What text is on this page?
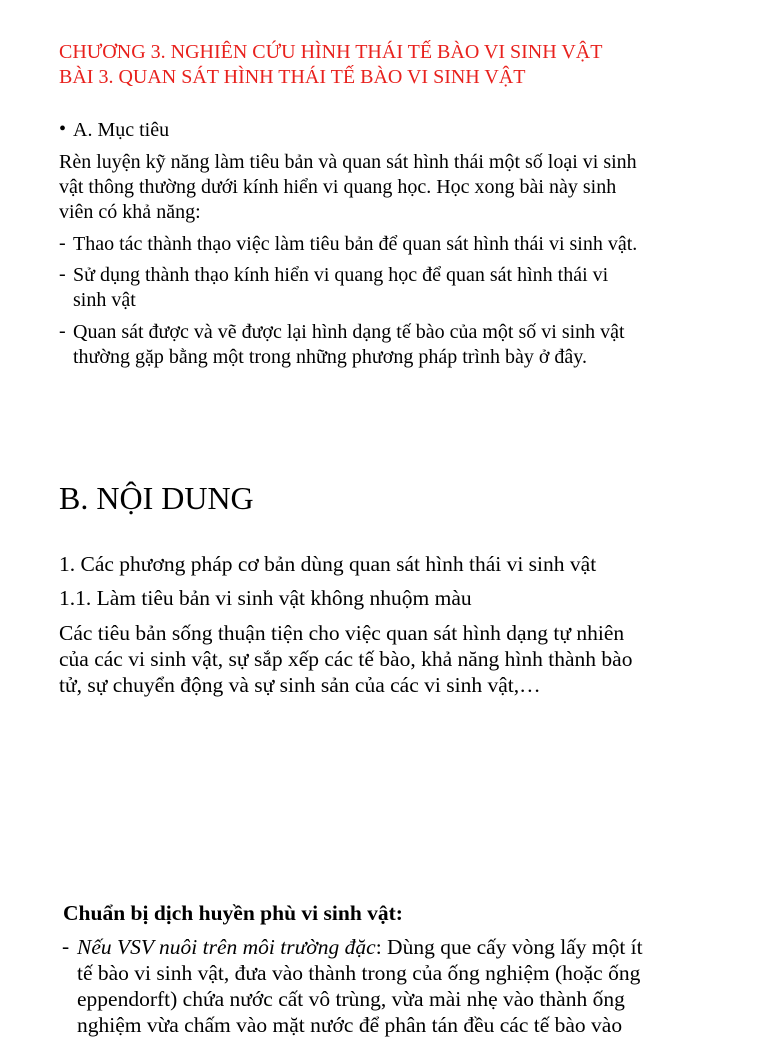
CHƯƠNG 3. NGHIÊN CỨU HÌNH THÁI TẾ BÀO VI SINH VẬT
BÀI 3. QUAN SÁT HÌNH THÁI TẾ BÀO VI SINH VẬT
• A. Mục tiêu
Rèn luyện kỹ năng làm tiêu bản và quan sát hình thái một số loại vi sinh
vật thông thường dưới kính hiển vi quang học. Học xong bài này sinh
viên có khả năng:
- Thao tác thành thạo việc làm tiêu bản để quan sát hình thái vi sinh vật.
- Sử dụng thành thạo kính hiển vi quang học để quan sát hình thái vi
sinh vật
- Quan sát được và vẽ được lại hình dạng tế bào của một số vi sinh vật
thường gặp bằng một trong những phương pháp trình bày ở đây.
B. NỘI DUNG
1. Các phương pháp cơ bản dùng quan sát hình thái vi sinh vật
1.1. Làm tiêu bản vi sinh vật không nhuộm màu
Các tiêu bản sống thuận tiện cho việc quan sát hình dạng tự nhiên
của các vi sinh vật, sự sắp xếp các tế bào, khả năng hình thành bào
tử, sự chuyển động và sự sinh sản của các vi sinh vật,…
Chuẩn bị dịch huyền phù vi sinh vật:
- Nếu VSV nuôi trên môi trường đặc: Dùng que cấy vòng lấy một ít
tế bào vi sinh vật, đưa vào thành trong của ống nghiệm (hoặc ống
eppendorft) chứa nước cất vô trùng, vừa mài nhẹ vào thành ống
nghiệm vừa chấm vào mặt nước để phân tán đều các tế bào vào
